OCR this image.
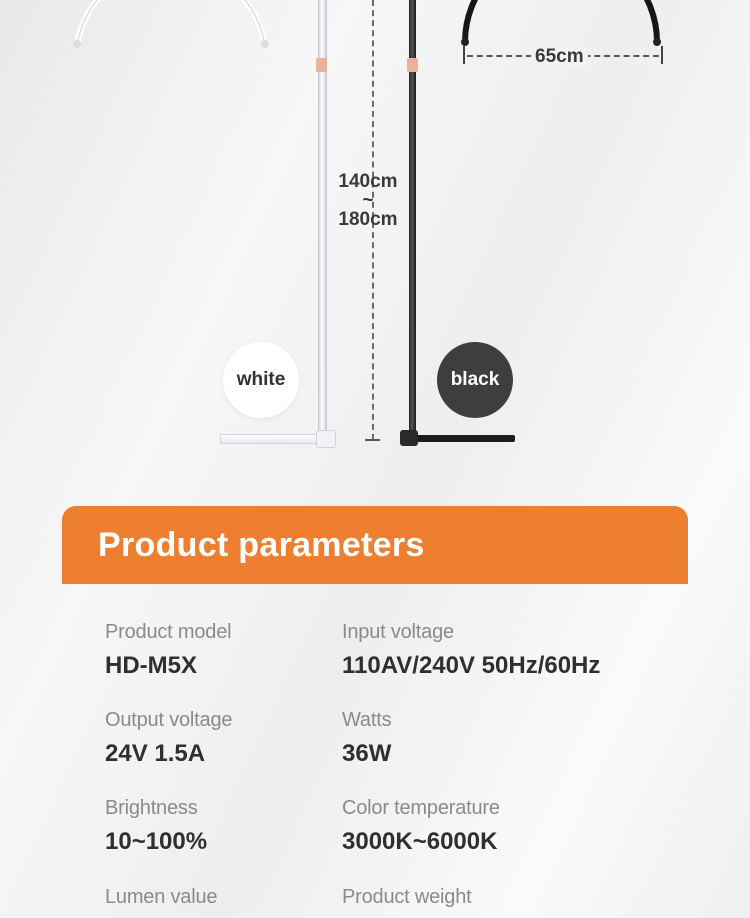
65cm
140cm
~
180cm
white	black
Product parameters
Product model
HD-M5X
Input voltage
110AV/240V 50Hz/60Hz
Output voltage
24V 1.5A
Watts
36W
Brightness
10~100%
Color temperature
3000K~6000K
Lumen value	Product weight
